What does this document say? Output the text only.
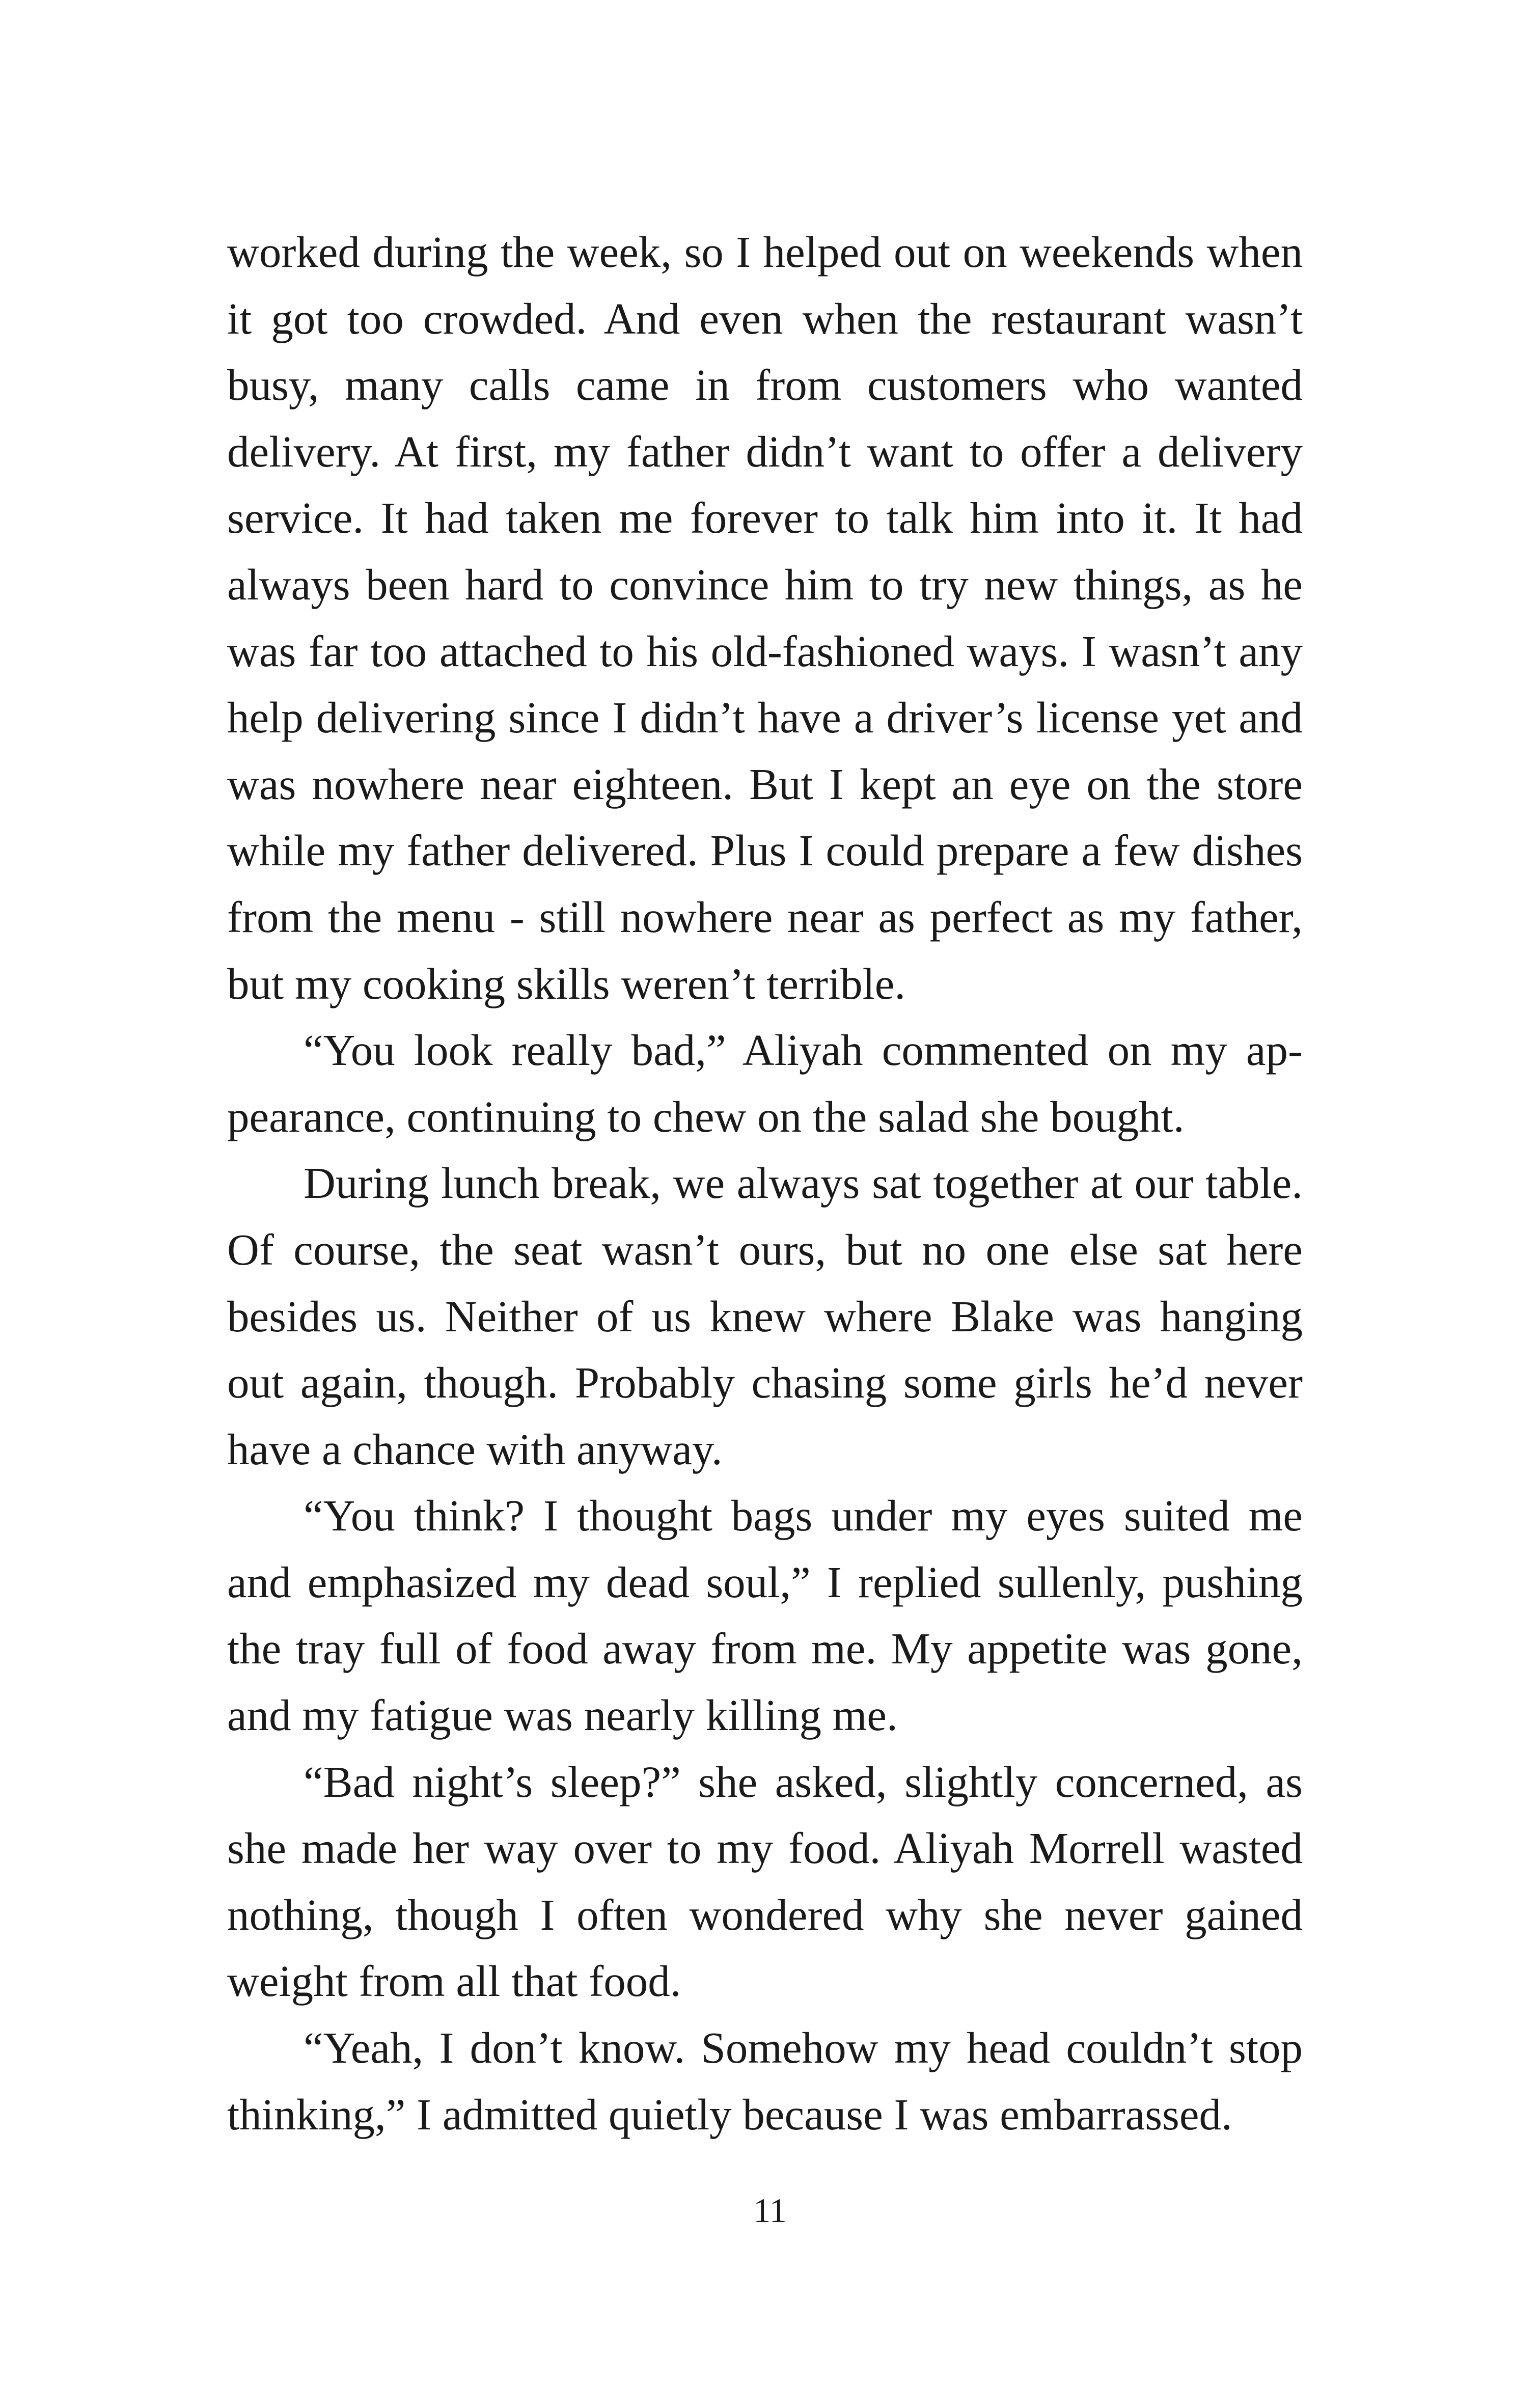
worked during the week, so I helped out on weekends when it got too crowded. And even when the restaurant wasn’t busy, many calls came in from customers who wanted delivery. At first, my father didn’t want to offer a delivery service. It had taken me forever to talk him into it. It had always been hard to convince him to try new things, as he was far too attached to his old-fashioned ways. I wasn’t any help delivering since I didn’t have a driver’s license yet and was nowhere near eighteen. But I kept an eye on the store while my father delivered. Plus I could prepare a few dishes from the menu - still nowhere near as perfect as my father, but my cooking skills weren’t terrible.

“You look really bad,” Aliyah commented on my appearance, continuing to chew on the salad she bought.

During lunch break, we always sat together at our table. Of course, the seat wasn’t ours, but no one else sat here besides us. Neither of us knew where Blake was hanging out again, though. Probably chasing some girls he’d never have a chance with anyway.

“You think? I thought bags under my eyes suited me and emphasized my dead soul,” I replied sullenly, pushing the tray full of food away from me. My appetite was gone, and my fatigue was nearly killing me.

“Bad night’s sleep?” she asked, slightly concerned, as she made her way over to my food. Aliyah Morrell wasted nothing, though I often wondered why she never gained weight from all that food.

“Yeah, I don’t know. Somehow my head couldn’t stop thinking,” I admitted quietly because I was embarrassed.

11
